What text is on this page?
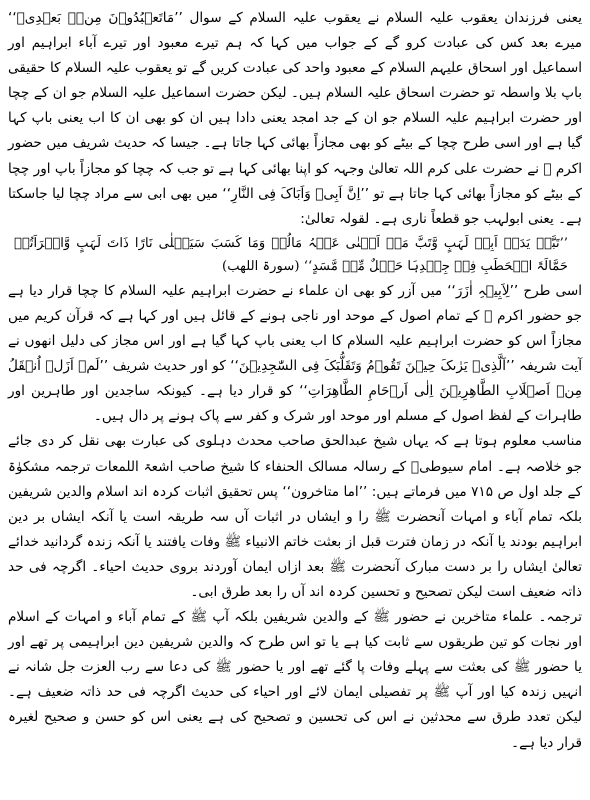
یعنی فرزندان یعقوب علیہ السلام نے یعقوب علیہ السلام کے سوال ’’مَاتَعۡبُدُوۡنَ مِنۡۢ بَعۡدِیۡ‘‘ میرے بعد کس کی عبادت کرو گے کے جواب میں کہا کہ ہم تیرے معبود اور تیرے آباء ابراہیم اور اسماعیل اور اسحاق علیہم السلام کے معبود واحد کی عبادت کریں گے تو یعقوب علیہ السلام کا حقیقی باپ بلا واسطہ تو حضرت اسحاق علیہ السلام ہیں۔ لیکن حضرت اسماعیل علیہ السلام جو ان کے چچا اور حضرت ابراہیم علیہ السلام جو ان کے جد امجد یعنی دادا ہیں ان کو بھی ان کا اب یعنی باپ کہا گیا ہے اور اسی طرح چچا کے بیٹے کو بھی مجازاً بھائی کہا جاتا ہے۔ جیسا کہ حدیث شریف میں حضور اکرم ﷺ نے حضرت علی کرم اللہ تعالیٰ وجہہ کو اپنا بھائی کہا ہے تو جب کہ چچا کو مجازاً باپ اور چچا کے بیٹے کو مجازاً بھائی کہا جاتا ہے تو ’’اِنَّ اَبِیۡ وَاَبَاکَ فِی النَّارِ‘‘ میں بھی ابی سے مراد چچا لیا جاسکتا ہے۔ یعنی ابولہب جو قطعاً ناری ہے۔ لقولہ تعالیٰ:

’’تَبَّتۡ یَدَاۤ اَبِیۡ لَہَبٍ وَّتَبَّ مَاۤ اَغۡنٰی عَنۡہُ مَالُہٗ وَمَا کَسَبَ سَیَصۡلٰی نَارًا ذَاتَ لَہَبٍ وَّامۡرَاَتُہٗ حَمَّالَۃَ الۡحَطَبِ فِیۡ جِیۡدِہَا حَبۡلٌ مِّنۡ مَّسَدٍ‘‘ (سورۃ اللھب)

اسی طرح ’’لِاَبِیۡہِ اٰزَرَ‘‘ میں آزر کو بھی ان علماء نے حضرت ابراہیم علیہ السلام کا چچا قرار دیا ہے جو حضور اکرم ﷺ کے تمام اصول کے موحد اور ناجی ہونے کے قائل ہیں اور کہا ہے کہ قرآن کریم میں مجازاً اس کو حضرت ابراہیم علیہ السلام کا اب یعنی باپ کہا گیا ہے اور اس مجاز کی دلیل انھوں نے آیت شریفہ ’’اَلَّذِیۡ یَرٰىکَ حِیۡنَ تَقُوۡمُ وَتَقَلُّبَکَ فِی السّٰجِدِیۡنَ‘‘ کو اور حدیث شریف ’’لَمۡ اَزَلۡ اُنۡقَلُ مِنۡ اَصۡلَابِ الطَّاھِرِیۡنَ اِلٰی اَرۡحَامِ الطَّاھِرَاتِ‘‘ کو قرار دیا ہے۔ کیونکہ ساجدین اور طاہرین اور طاہرات کے لفظ اصول کے مسلم اور موحد اور شرک و کفر سے پاک ہونے پر دال ہیں۔

مناسب معلوم ہوتا ہے کہ یہاں شیخ عبدالحق صاحب محدث دہلوی کی عبارت بھی نقل کر دی جائے جو خلاصہ ہے۔ امام سیوطیؒ کے رسالہ مسالک الحنفاء کا شیخ صاحب اشعۃ اللمعات ترجمہ مشکوٰۃ کے جلد اول ص ۷۱۵ میں فرماتے ہیں: ’’اما متاخرون‘‘ پس تحقیق اثبات کردہ اند اسلام والدین شریفین بلکہ تمام آباء و امہات آنحضرت ﷺ را و ایشاں در اثبات آں سہ طریقہ است یا آنکہ ایشاں بر دین ابراہیم بودند یا آنکہ در زمان فترت قبل از بعثت خاتم الانبیاء ﷺ وفات یافتند یا آنکہ زندہ گردانید خدائے تعالیٰ ایشاں را بر دست مبارک آنحضرت ﷺ بعد ازاں ایمان آوردند بروی حدیث احیاء۔ اگرچہ فی حد ذاتہ ضعیف است لیکن تصحیح و تحسین کردہ اند آں را بعد طرق ابی۔

ترجمہ۔ علماء متاخرین نے حضور ﷺ کے والدین شریفین بلکہ آپ ﷺ کے تمام آباء و امہات کے اسلام اور نجات کو تین طریقوں سے ثابت کیا ہے یا تو اس طرح کہ والدین شریفین دین ابراہیمی پر تھے اور یا حضور ﷺ کی بعثت سے پہلے وفات پا گئے تھے اور یا حضور ﷺ کی دعا سے رب العزت جل شانہ نے انہیں زندہ کیا اور آپ ﷺ پر تفصیلی ایمان لائے اور احیاء کی حدیث اگرچہ فی حد ذاتہ ضعیف ہے۔ لیکن تعدد طرق سے محدثین نے اس کی تحسین و تصحیح کی ہے یعنی اس کو حسن و صحیح لغیرہ قرار دیا ہے۔
